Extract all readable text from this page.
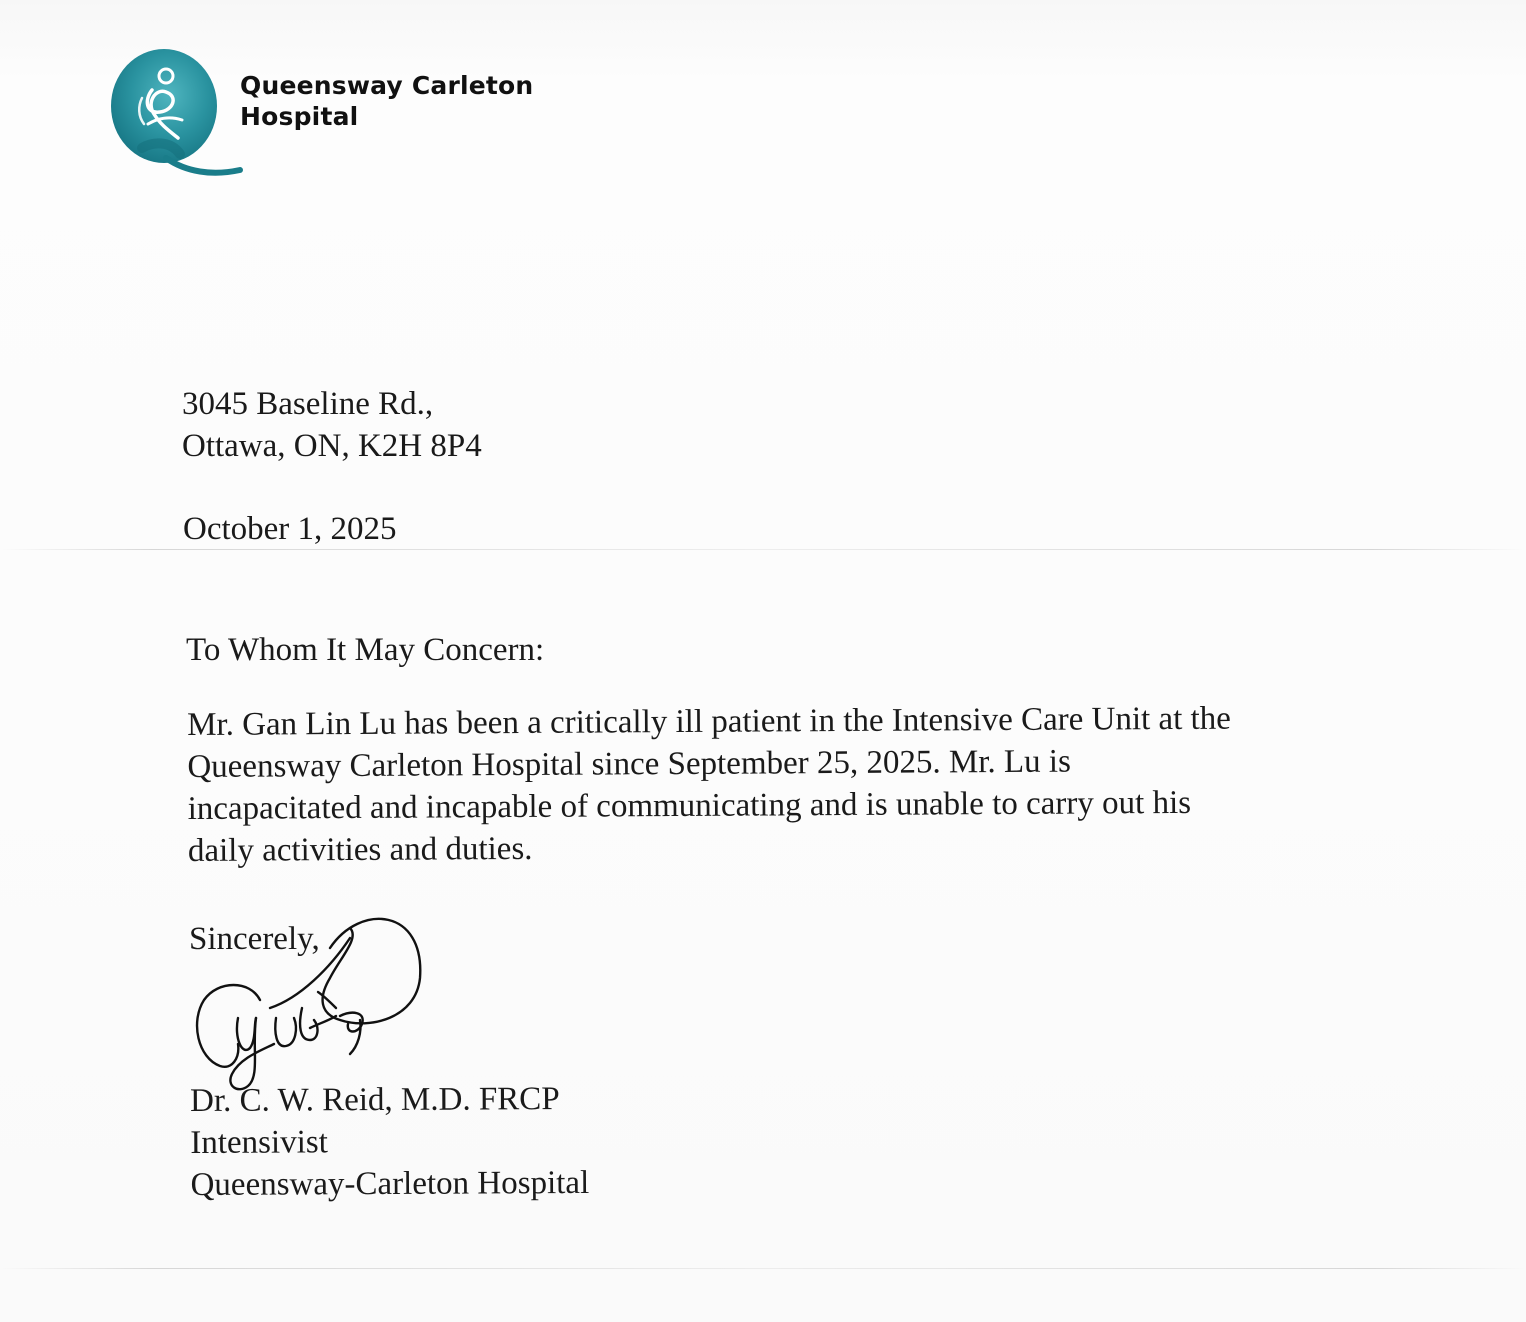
Queensway Carleton
Hospital
3045 Baseline Rd.,
Ottawa, ON, K2H 8P4
October 1, 2025
To Whom It May Concern:
Mr. Gan Lin Lu has been a critically ill patient in the Intensive Care Unit at the
Queensway Carleton Hospital since September 25, 2025. Mr. Lu is
incapacitated and incapable of communicating and is unable to carry out his
daily activities and duties.
Sincerely,
Dr. C. W. Reid, M.D. FRCP
Intensivist
Queensway-Carleton Hospital
